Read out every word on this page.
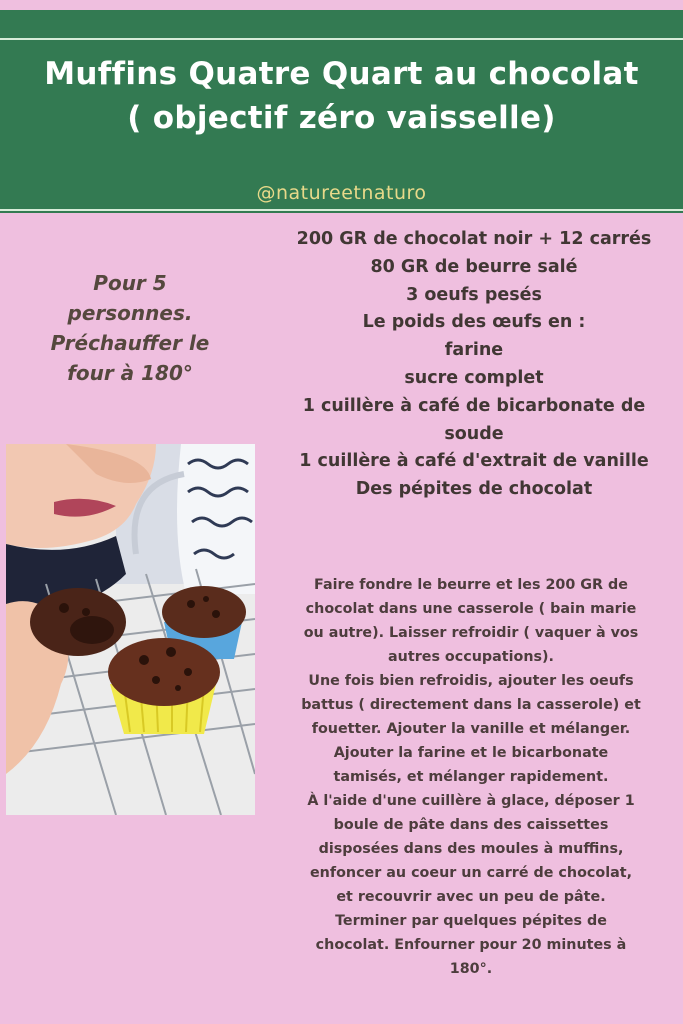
Muffins Quatre Quart au chocolat
( objectif zéro vaisselle)
@natureetnaturo
Pour 5
personnes.
Préchauffer le
four à 180°
200 GR de chocolat noir + 12 carrés
80 GR de beurre salé
3 oeufs pesés
Le poids des œufs en :
farine
sucre complet
1 cuillère à café de bicarbonate de
soude
1 cuillère à café d'extrait de vanille
Des pépites de chocolat
Faire fondre le beurre et les 200 GR de
chocolat dans une casserole ( bain marie
ou autre). Laisser refroidir ( vaquer à vos
autres occupations).
Une fois bien refroidis, ajouter les oeufs
battus ( directement dans la casserole) et
fouetter. Ajouter la vanille et mélanger.
Ajouter la farine et le bicarbonate
tamisés, et mélanger rapidement.
À l'aide d'une cuillère à glace, déposer 1
boule de pâte dans des caissettes
disposées dans des moules à muffins,
enfoncer au coeur un carré de chocolat,
et recouvrir avec un peu de pâte.
Terminer par quelques pépites de
chocolat. Enfourner pour 20 minutes à
180°.
